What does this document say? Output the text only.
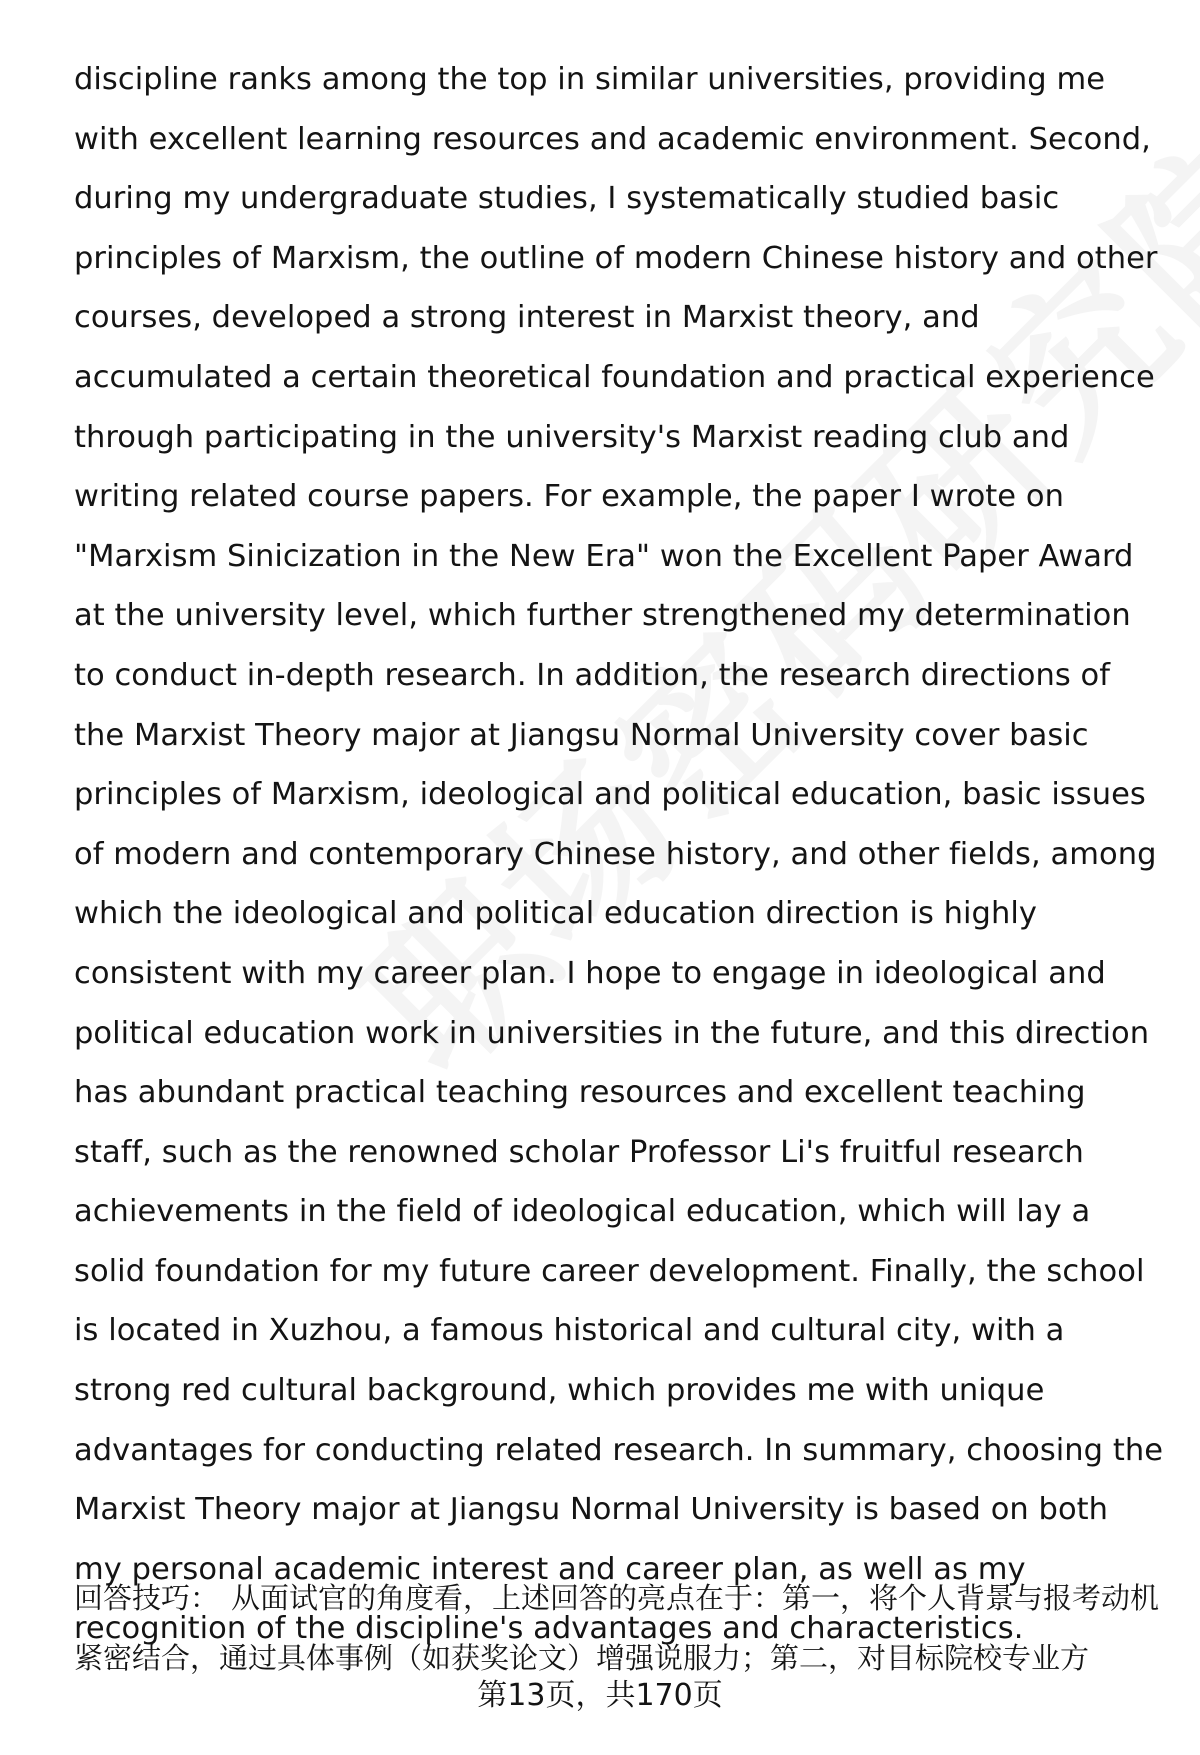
discipline ranks among the top in similar universities, providing me with excellent learning resources and academic environment. Second, during my undergraduate studies, I systematically studied basic principles of Marxism, the outline of modern Chinese history and other courses, developed a strong interest in Marxist theory, and accumulated a certain theoretical foundation and practical experience through participating in the university's Marxist reading club and writing related course papers. For example, the paper I wrote on "Marxism Sinicization in the New Era" won the Excellent Paper Award at the university level, which further strengthened my determination to conduct in-depth research. In addition, the research directions of the Marxist Theory major at Jiangsu Normal University cover basic principles of Marxism, ideological and political education, basic issues of modern and contemporary Chinese history, and other fields, among which the ideological and political education direction is highly consistent with my career plan. I hope to engage in ideological and political education work in universities in the future, and this direction has abundant practical teaching resources and excellent teaching staff, such as the renowned scholar Professor Li's fruitful research achievements in the field of ideological education, which will lay a solid foundation for my future career development. Finally, the school is located in Xuzhou, a famous historical and cultural city, with a strong red cultural background, which provides me with unique advantages for conducting related research. In summary, choosing the Marxist Theory major at Jiangsu Normal University is based on both my personal academic interest and career plan, as well as my recognition of the discipline's advantages and characteristics.

回答技巧： 从面试官的角度看，上述回答的亮点在于：第一，将个人背景与报考动机紧密结合，通过具体事例（如获奖论文）增强说服力；第二，对目标院校专业方

第13页，共170页
